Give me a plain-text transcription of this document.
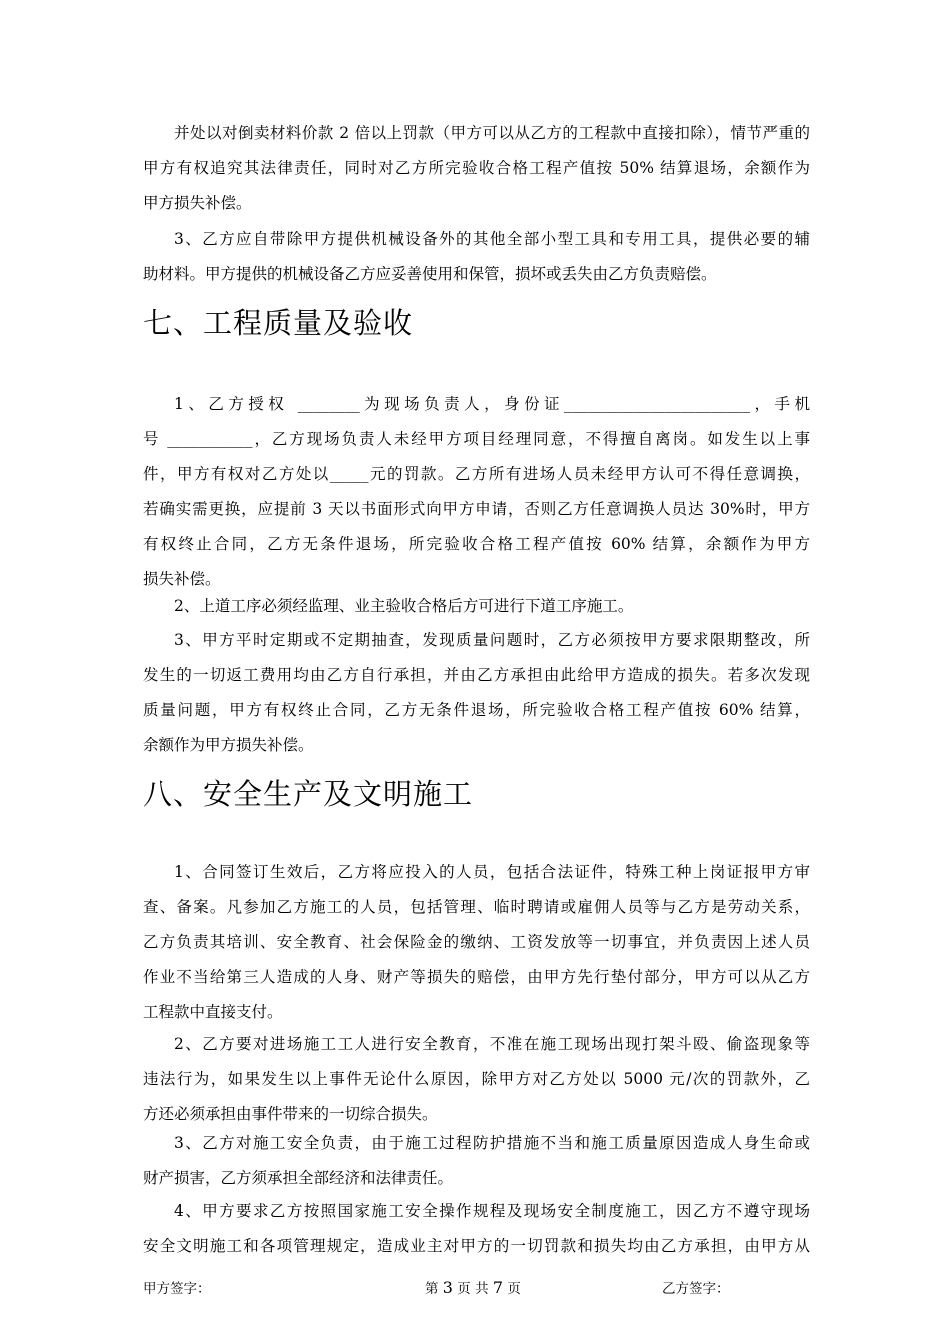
并处以对倒卖材料价款 2 倍以上罚款（甲方可以从乙方的工程款中直接扣除），情节严重的
甲方有权追究其法律责任，同时对乙方所完验收合格工程产值按 50% 结算退场，余额作为
甲方损失补偿。
3、乙方应自带除甲方提供机械设备外的其他全部小型工具和专用工具，提供必要的辅
助材料。甲方提供的机械设备乙方应妥善使用和保管，损坏或丢失由乙方负责赔偿。
七、工程质量及验收
1、乙方授权 ________为现场负责人，身份证________________________，手机
号 ___________，乙方现场负责人未经甲方项目经理同意，不得擅自离岗。如发生以上事
件，甲方有权对乙方处以_____元的罚款。乙方所有进场人员未经甲方认可不得任意调换，
若确实需更换，应提前 3 天以书面形式向甲方申请，否则乙方任意调换人员达 30%时，甲方
有权终止合同，乙方无条件退场，所完验收合格工程产值按 60% 结算，余额作为甲方
损失补偿。
2、上道工序必须经监理、业主验收合格后方可进行下道工序施工。
3、甲方平时定期或不定期抽查，发现质量问题时，乙方必须按甲方要求限期整改，所
发生的一切返工费用均由乙方自行承担，并由乙方承担由此给甲方造成的损失。若多次发现
质量问题，甲方有权终止合同，乙方无条件退场，所完验收合格工程产值按 60% 结算，
余额作为甲方损失补偿。
八、安全生产及文明施工
1、合同签订生效后，乙方将应投入的人员，包括合法证件，特殊工种上岗证报甲方审
查、备案。凡参加乙方施工的人员，包括管理、临时聘请或雇佣人员等与乙方是劳动关系，
乙方负责其培训、安全教育、社会保险金的缴纳、工资发放等一切事宜，并负责因上述人员
作业不当给第三人造成的人身、财产等损失的赔偿，由甲方先行垫付部分，甲方可以从乙方
工程款中直接支付。
2、乙方要对进场施工工人进行安全教育，不准在施工现场出现打架斗殴、偷盗现象等
违法行为，如果发生以上事件无论什么原因，除甲方对乙方处以 5000 元/次的罚款外，乙
方还必须承担由事件带来的一切综合损失。
3、乙方对施工安全负责，由于施工过程防护措施不当和施工质量原因造成人身生命或
财产损害，乙方须承担全部经济和法律责任。
4、甲方要求乙方按照国家施工安全操作规程及现场安全制度施工，因乙方不遵守现场
安全文明施工和各项管理规定，造成业主对甲方的一切罚款和损失均由乙方承担，由甲方从

甲方签字：	第 3 页 共 7 页	乙方签字：
